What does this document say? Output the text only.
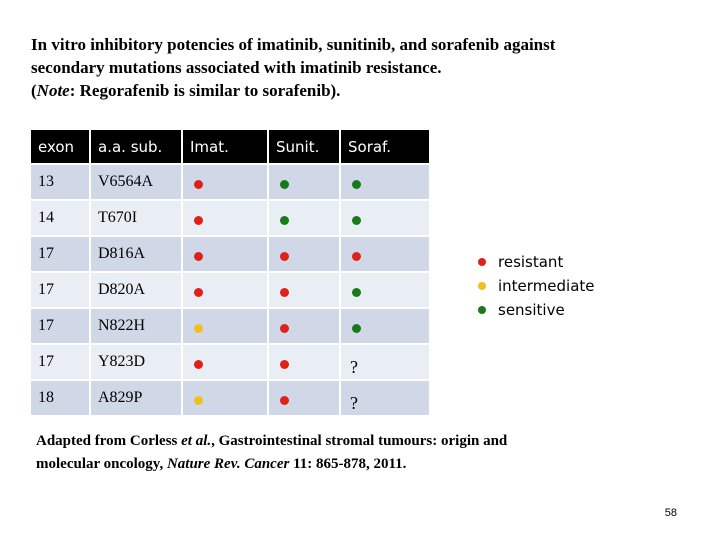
In vitro inhibitory potencies of imatinib, sunitinib, and sorafenib against
secondary mutations associated with imatinib resistance.
(Note: Regorafenib is similar to sorafenib).
exon	a.a. sub.	Imat.	Sunit.	Soraf.
13	V6564A			
14	T670I			
17	D816A			
17	D820A			
17	N822H			
17	Y823D			?
18	A829P			?
resistant
intermediate
sensitive
Adapted from Corless et al., Gastrointestinal stromal tumours: origin and
molecular oncology, Nature Rev. Cancer 11: 865-878, 2011.
58
